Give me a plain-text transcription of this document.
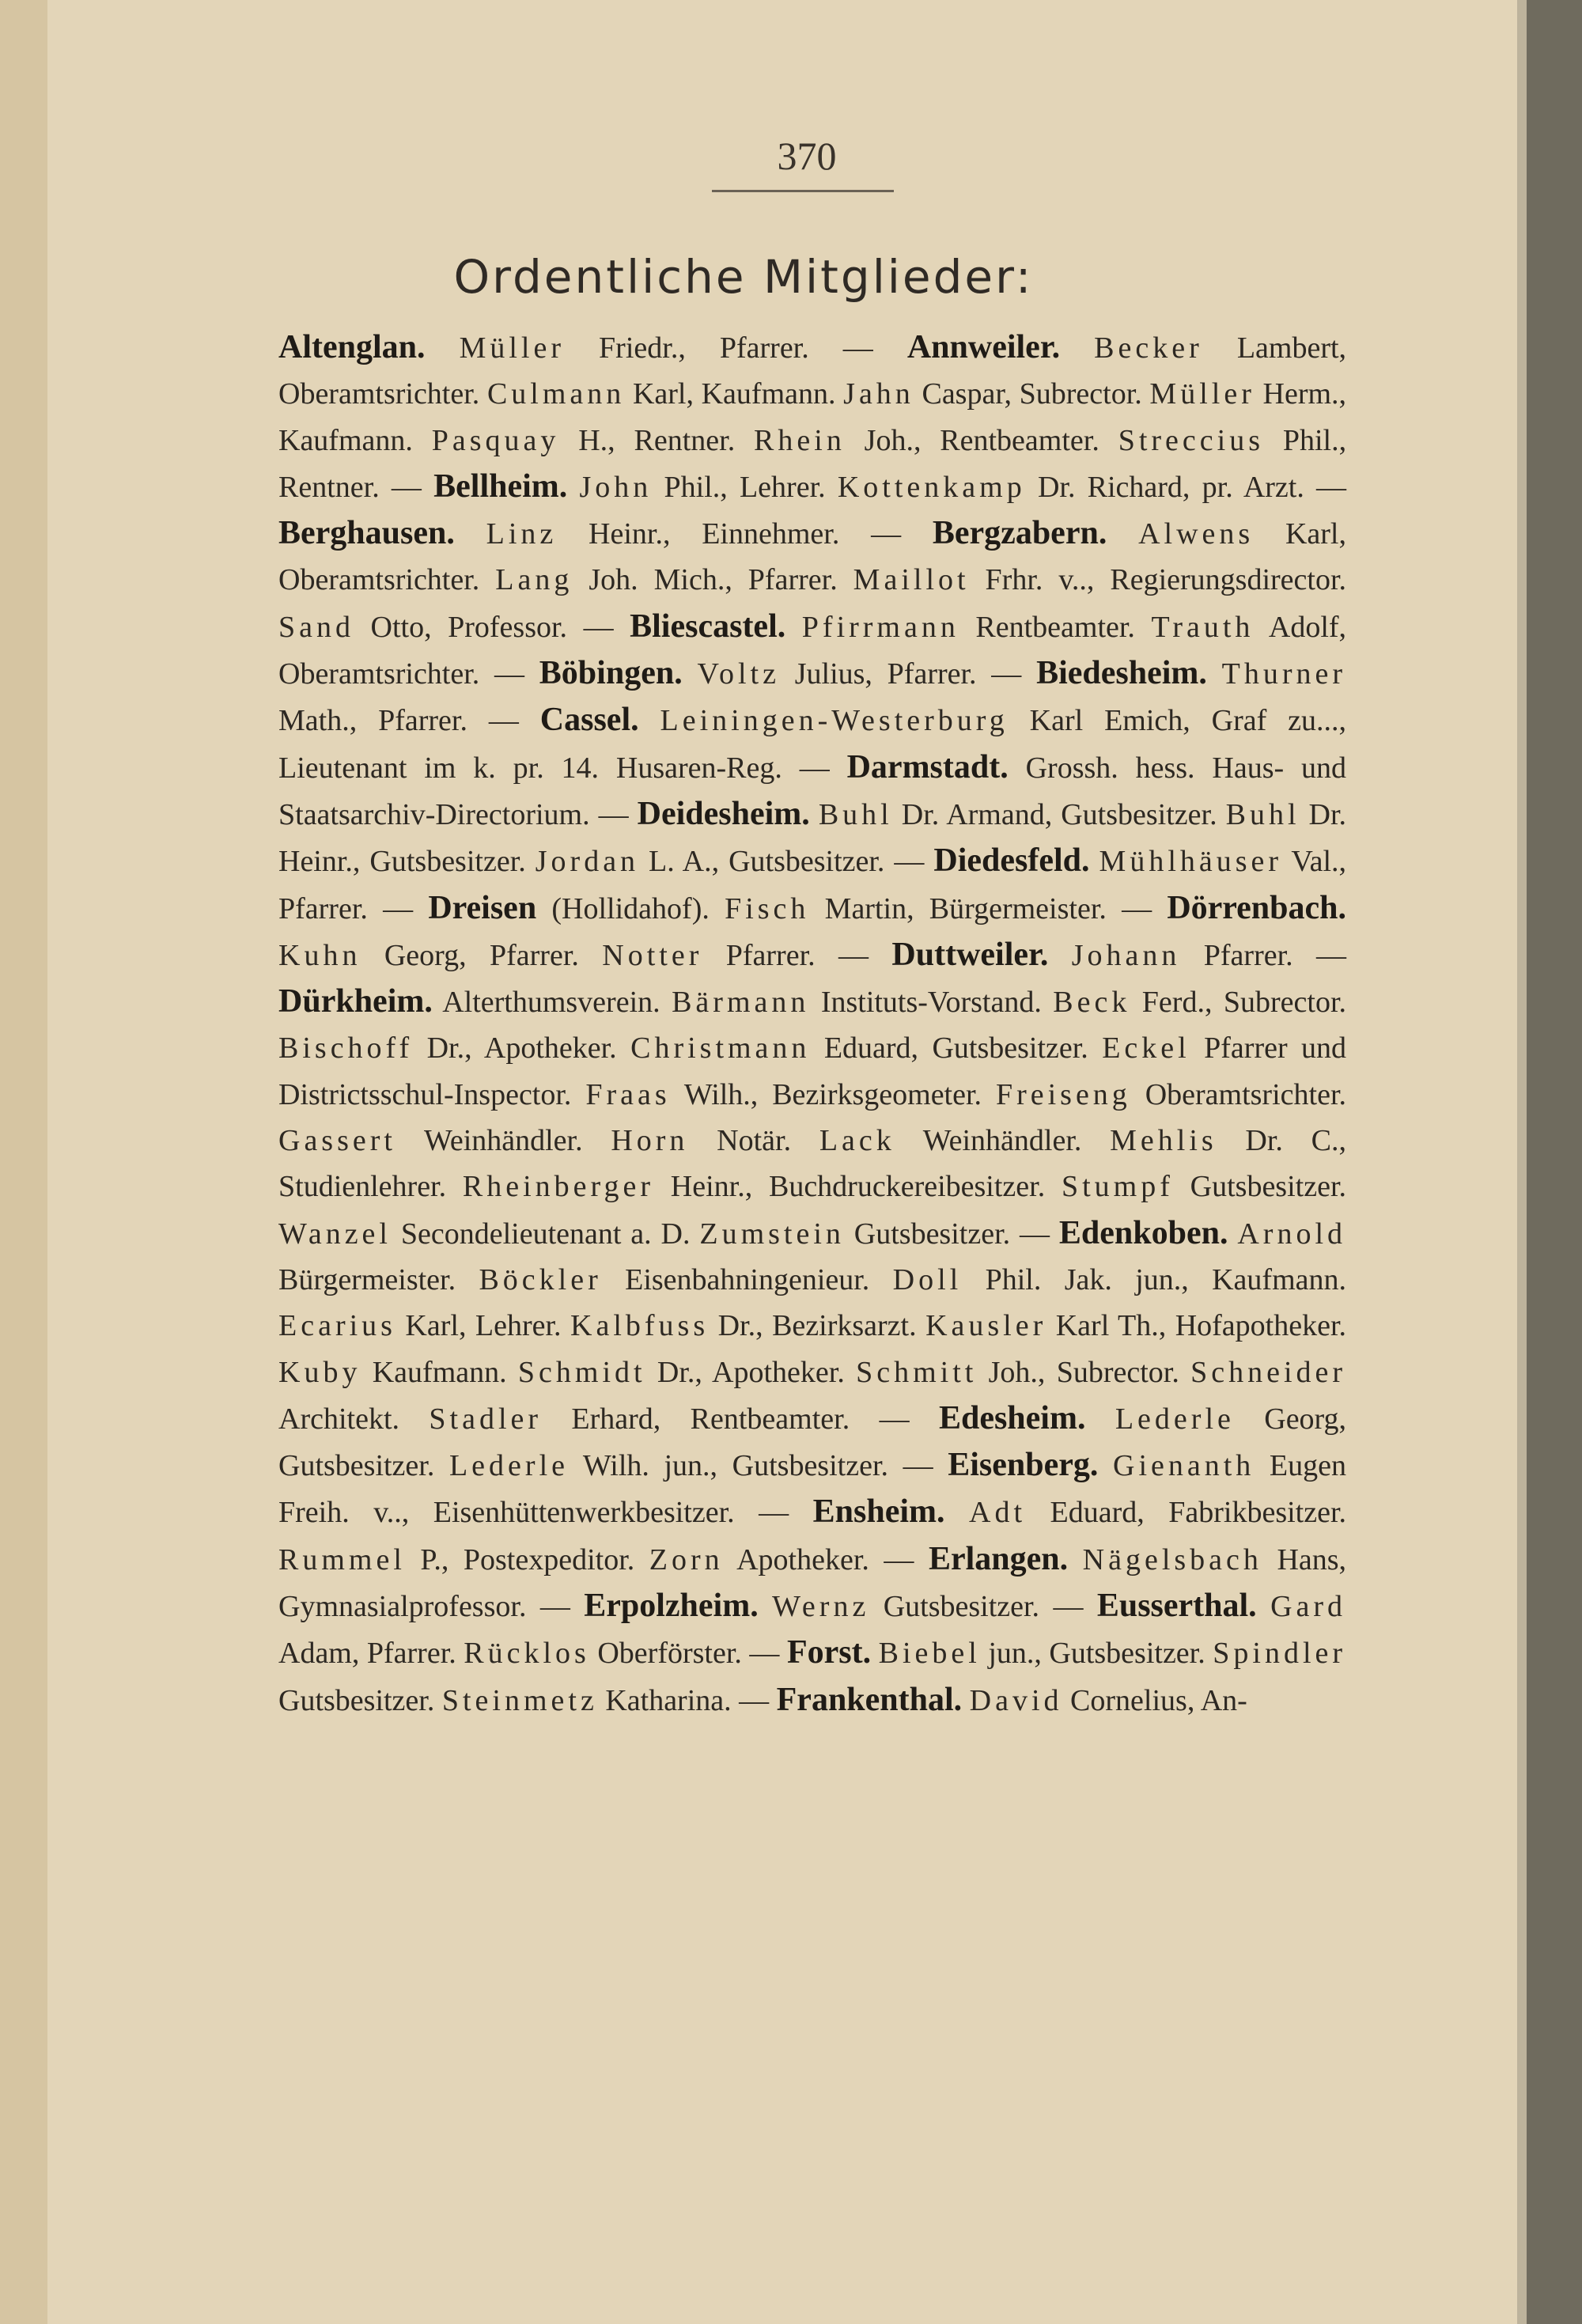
370
Ordentliche Mitglieder:
Altenglan. Müller Friedr., Pfarrer. — Annweiler. Becker Lambert, Oberamtsrichter. Culmann Karl, Kaufmann. Jahn Caspar, Subrector. Müller Herm., Kaufmann. Pasquay H., Rentner. Rhein Joh., Rentbeamter. Streccius Phil., Rentner. — Bellheim. John Phil., Lehrer. Kottenkamp Dr. Richard, pr. Arzt. — Berghausen. Linz Heinr., Einnehmer. — Bergzabern. Alwens Karl, Oberamtsrichter. Lang Joh. Mich., Pfarrer. Maillot Frhr. v.., Regierungsdirector. Sand Otto, Professor. — Bliescastel. Pfirrmann Rentbeamter. Trauth Adolf, Oberamtsrichter. — Böbingen. Voltz Julius, Pfarrer. — Biedesheim. Thurner Math., Pfarrer. — Cassel. Leiningen-Westerburg Karl Emich, Graf zu..., Lieutenant im k. pr. 14. Husaren-Reg. — Darmstadt. Grossh. hess. Haus- und Staatsarchiv-Directorium. — Deidesheim. Buhl Dr. Armand, Gutsbesitzer. Buhl Dr. Heinr., Gutsbesitzer. Jordan L. A., Gutsbesitzer. — Diedesfeld. Mühlhäuser Val., Pfarrer. — Dreisen (Hollidahof). Fisch Martin, Bürgermeister. — Dörrenbach. Kuhn Georg, Pfarrer. Notter Pfarrer. — Duttweiler. Johann Pfarrer. — Dürkheim. Alterthumsverein. Bärmann Instituts-Vorstand. Beck Ferd., Subrector. Bischoff Dr., Apotheker. Christmann Eduard, Gutsbesitzer. Eckel Pfarrer und Districtsschul-Inspector. Fraas Wilh., Bezirksgeometer. Freiseng Oberamtsrichter. Gassert Weinhändler. Horn Notär. Lack Weinhändler. Mehlis Dr. C., Studienlehrer. Rheinberger Heinr., Buchdruckereibesitzer. Stumpf Gutsbesitzer. Wanzel Secondelieutenant a. D. Zumstein Gutsbesitzer. — Edenkoben. Arnold Bürgermeister. Böckler Eisenbahningenieur. Doll Phil. Jak. jun., Kaufmann. Ecarius Karl, Lehrer. Kalbfuss Dr., Bezirksarzt. Kausler Karl Th., Hofapotheker. Kuby Kaufmann. Schmidt Dr., Apotheker. Schmitt Joh., Subrector. Schneider Architekt. Stadler Erhard, Rentbeamter. — Edesheim. Lederle Georg, Gutsbesitzer. Lederle Wilh. jun., Gutsbesitzer. — Eisenberg. Gienanth Eugen Freih. v.., Eisenhüttenwerkbesitzer. — Ensheim. Adt Eduard, Fabrikbesitzer. Rummel P., Postexpeditor. Zorn Apotheker. — Erlangen. Nägelsbach Hans, Gymnasialprofessor. — Erpolzheim. Wernz Gutsbesitzer. — Eusserthal. Gard Adam, Pfarrer. Rücklos Oberförster. — Forst. Biebel jun., Gutsbesitzer. Spindler Gutsbesitzer. Steinmetz Katharina. — Frankenthal. David Cornelius, An-
